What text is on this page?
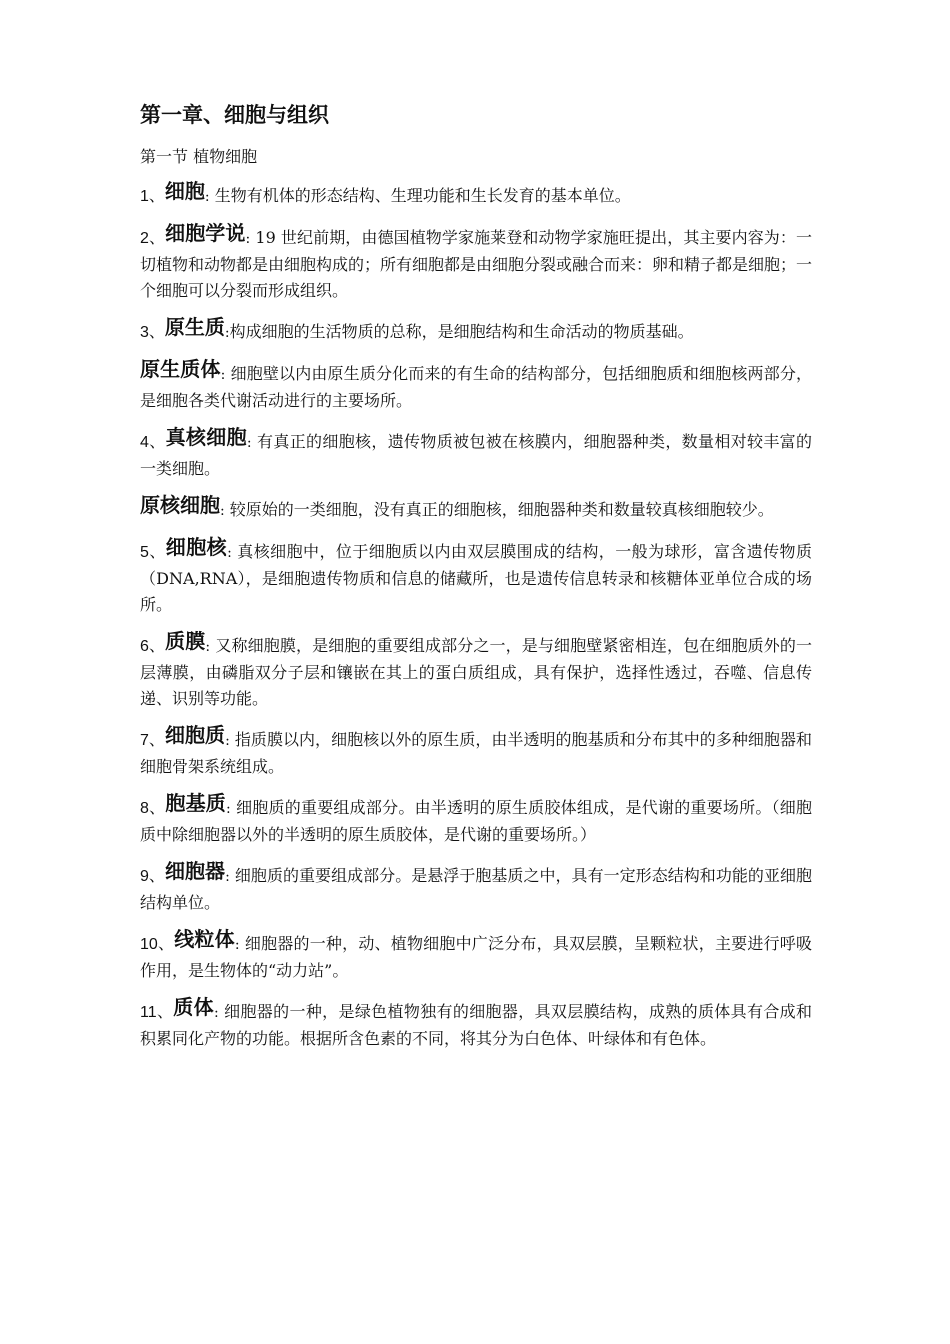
第一章、细胞与组织
第一节 植物细胞
1、细胞: 生物有机体的形态结构、生理功能和生长发育的基本单位。
2、细胞学说: 19 世纪前期，由德国植物学家施莱登和动物学家施旺提出，其主要内容为：一切植物和动物都是由细胞构成的；所有细胞都是由细胞分裂或融合而来：卵和精子都是细胞；一个细胞可以分裂而形成组织。
3、原生质:构成细胞的生活物质的总称，是细胞结构和生命活动的物质基础。
原生质体: 细胞壁以内由原生质分化而来的有生命的结构部分，包括细胞质和细胞核两部分，是细胞各类代谢活动进行的主要场所。
4、真核细胞: 有真正的细胞核，遗传物质被包被在核膜内，细胞器种类，数量相对较丰富的一类细胞。
原核细胞: 较原始的一类细胞，没有真正的细胞核，细胞器种类和数量较真核细胞较少。
5、细胞核: 真核细胞中，位于细胞质以内由双层膜围成的结构，一般为球形，富含遗传物质（DNA,RNA），是细胞遗传物质和信息的储藏所，也是遗传信息转录和核糖体亚单位合成的场所。
6、质膜: 又称细胞膜，是细胞的重要组成部分之一，是与细胞壁紧密相连，包在细胞质外的一层薄膜，由磷脂双分子层和镶嵌在其上的蛋白质组成，具有保护，选择性透过，吞噬、信息传递、识别等功能。
7、细胞质: 指质膜以内，细胞核以外的原生质，由半透明的胞基质和分布其中的多种细胞器和细胞骨架系统组成。
8、胞基质: 细胞质的重要组成部分。由半透明的原生质胶体组成，是代谢的重要场所。（细胞质中除细胞器以外的半透明的原生质胶体，是代谢的重要场所。）
9、细胞器: 细胞质的重要组成部分。是悬浮于胞基质之中，具有一定形态结构和功能的亚细胞结构单位。
10、线粒体: 细胞器的一种，动、植物细胞中广泛分布，具双层膜，呈颗粒状，主要进行呼吸作用，是生物体的“动力站”。
11、质体: 细胞器的一种，是绿色植物独有的细胞器，具双层膜结构，成熟的质体具有合成和积累同化产物的功能。根据所含色素的不同，将其分为白色体、叶绿体和有色体。
